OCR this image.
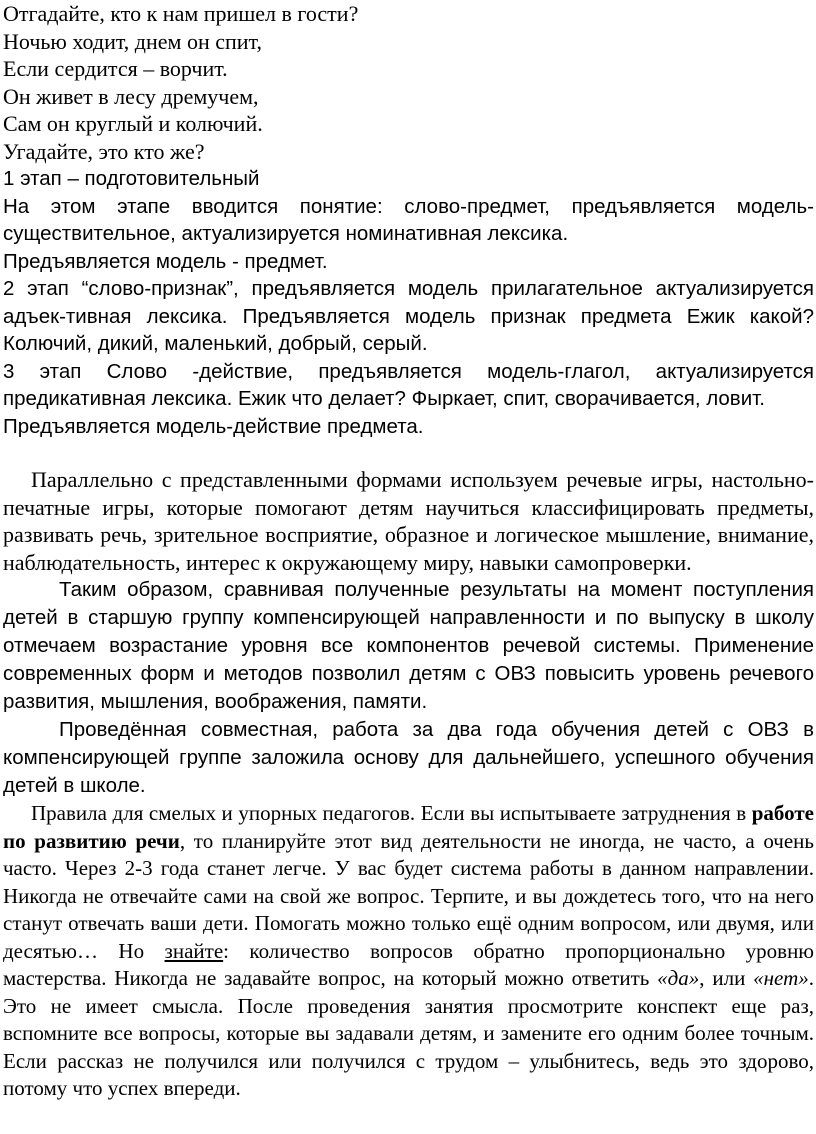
Отгадайте, кто к нам пришел в гости?
Ночью ходит, днем он спит,
Если сердится – ворчит.
Он живет в лесу дремучем,
Сам он круглый и колючий.
Угадайте, это кто же?
1 этап – подготовительный
На этом этапе вводится понятие: слово-предмет, предъявляется модель-существительное, актуализируется номинативная лексика.
Предъявляется модель - предмет.
2 этап “слово-признак”, предъявляется модель прилагательное актуализируется адъек-тивная лексика. Предъявляется модель признак предмета Ежик какой? Колючий, дикий, маленький, добрый, серый.
3 этап Слово -действие, предъявляется модель-глагол, актуализируется предикативная лексика. Ежик что делает? Фыркает, спит, сворачивается, ловит.
Предъявляется модель-действие предмета.
Параллельно с представленными формами используем речевые игры, настольно-печатные игры, которые помогают детям научиться классифицировать предметы, развивать речь, зрительное восприятие, образное и логическое мышление, внимание, наблюдательность, интерес к окружающему миру, навыки самопроверки.
Таким образом, сравнивая полученные результаты на момент поступления детей в старшую группу компенсирующей направленности и по выпуску в школу отмечаем возрастание уровня все компонентов речевой системы. Применение современных форм и методов позволил детям с ОВЗ повысить уровень речевого развития, мышления, воображения, памяти.
Проведённая совместная, работа за два года обучения детей с ОВЗ в компенсирующей группе заложила основу для дальнейшего, успешного обучения детей в школе.
Правила для смелых и упорных педагогов. Если вы испытываете затруднения в работе по развитию речи, то планируйте этот вид деятельности не иногда, не часто, а очень часто. Через 2-3 года станет легче. У вас будет система работы в данном направлении. Никогда не отвечайте сами на свой же вопрос. Терпите, и вы дождетесь того, что на него станут отвечать ваши дети. Помогать можно только ещё одним вопросом, или двумя, или десятью… Но знайте: количество вопросов обратно пропорционально уровню мастерства. Никогда не задавайте вопрос, на который можно ответить «да», или «нет». Это не имеет смысла. После проведения занятия просмотрите конспект еще раз, вспомните все вопросы, которые вы задавали детям, и замените его одним более точным. Если рассказ не получился или получился с трудом – улыбнитесь, ведь это здорово, потому что успех впереди.
